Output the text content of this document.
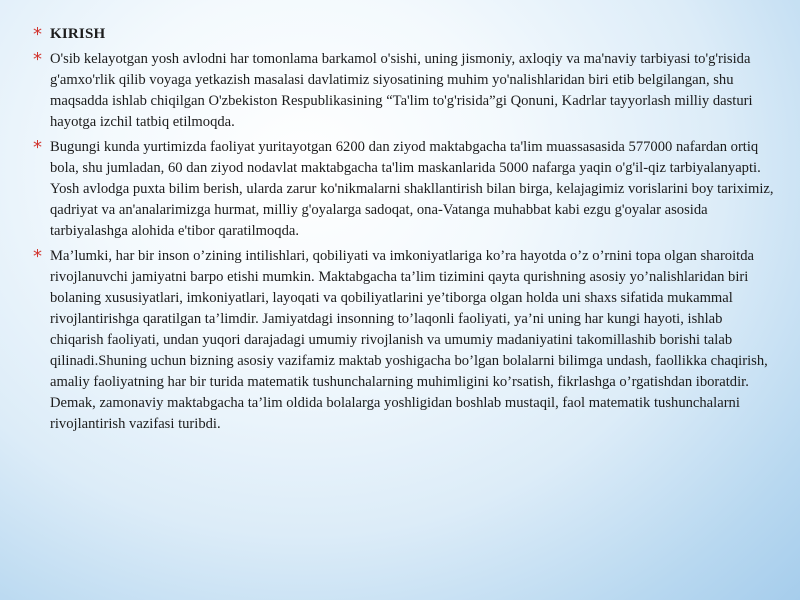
* KIRISH
* O'sib kelayotgan yosh avlodni har tomonlama barkamol o'sishi, uning jismoniy, axloqiy va ma'naviy tarbiyasi to'g'risida g'amxo'rlik qilib voyaga yetkazish masalasi davlatimiz siyosatining muhim yo'nalishlaridan biri etib belgilangan, shu maqsadda ishlab chiqilgan O'zbekiston Respublikasining “Ta'lim to'g'risida”gi Qonuni, Kadrlar tayyorlash milliy dasturi hayotga izchil tatbiq etilmoqda.
* Bugungi kunda yurtimizda faoliyat yuritayotgan 6200 dan ziyod maktabgacha ta'lim muassasasida 577000 nafardan ortiq bola, shu jumladan, 60 dan ziyod nodavlat maktabgacha ta'lim maskanlarida 5000 nafarga yaqin o'g'il-qiz tarbiyalanyapti. Yosh avlodga puxta bilim berish, ularda zarur ko'nikmalarni shakllantirish bilan birga, kelajagimiz vorislarini boy tariximiz, qadriyat va an'analarimizga hurmat, milliy g'oyalarga sadoqat, ona-Vatanga muhabbat kabi ezgu g'oyalar asosida tarbiyalashga alohida e'tibor qaratilmoqda.
* Ma’lumki, har bir inson o’zining intilishlari, qobiliyati va imkoniyatlariga ko’ra hayotda o’z o’rnini topa olgan sharoitda rivojlanuvchi jamiyatni barpo etishi mumkin. Maktabgacha ta’lim tizimini qayta qurishning asosiy yo’nalishlaridan biri bolaning xususiyatlari, imkoniyatlari, layoqati va qobiliyatlarini ye’tiborga olgan holda uni shaxs sifatida mukammal rivojlantirishga qaratilgan ta’limdir. Jamiyatdagi insonning to’laqonli faoliyati, ya’ni uning har kungi hayoti, ishlab chiqarish faoliyati, undan yuqori darajadagi umumiy rivojlanish va umumiy madaniyatini takomillashib borishi talab qilinadi.Shuning uchun bizning asosiy vazifamiz maktab yoshigacha bo’lgan bolalarni bilimga undash, faollikka chaqirish, amaliy faoliyatning har bir turida matematik tushunchalarning muhimligini ko’rsatish, fikrlashga o’rgatishdan iboratdir. Demak, zamonaviy maktabgacha ta’lim oldida bolalarga yoshligidan boshlab mustaqil, faol matematik tushunchalarni rivojlantirish vazifasi turibdi.
